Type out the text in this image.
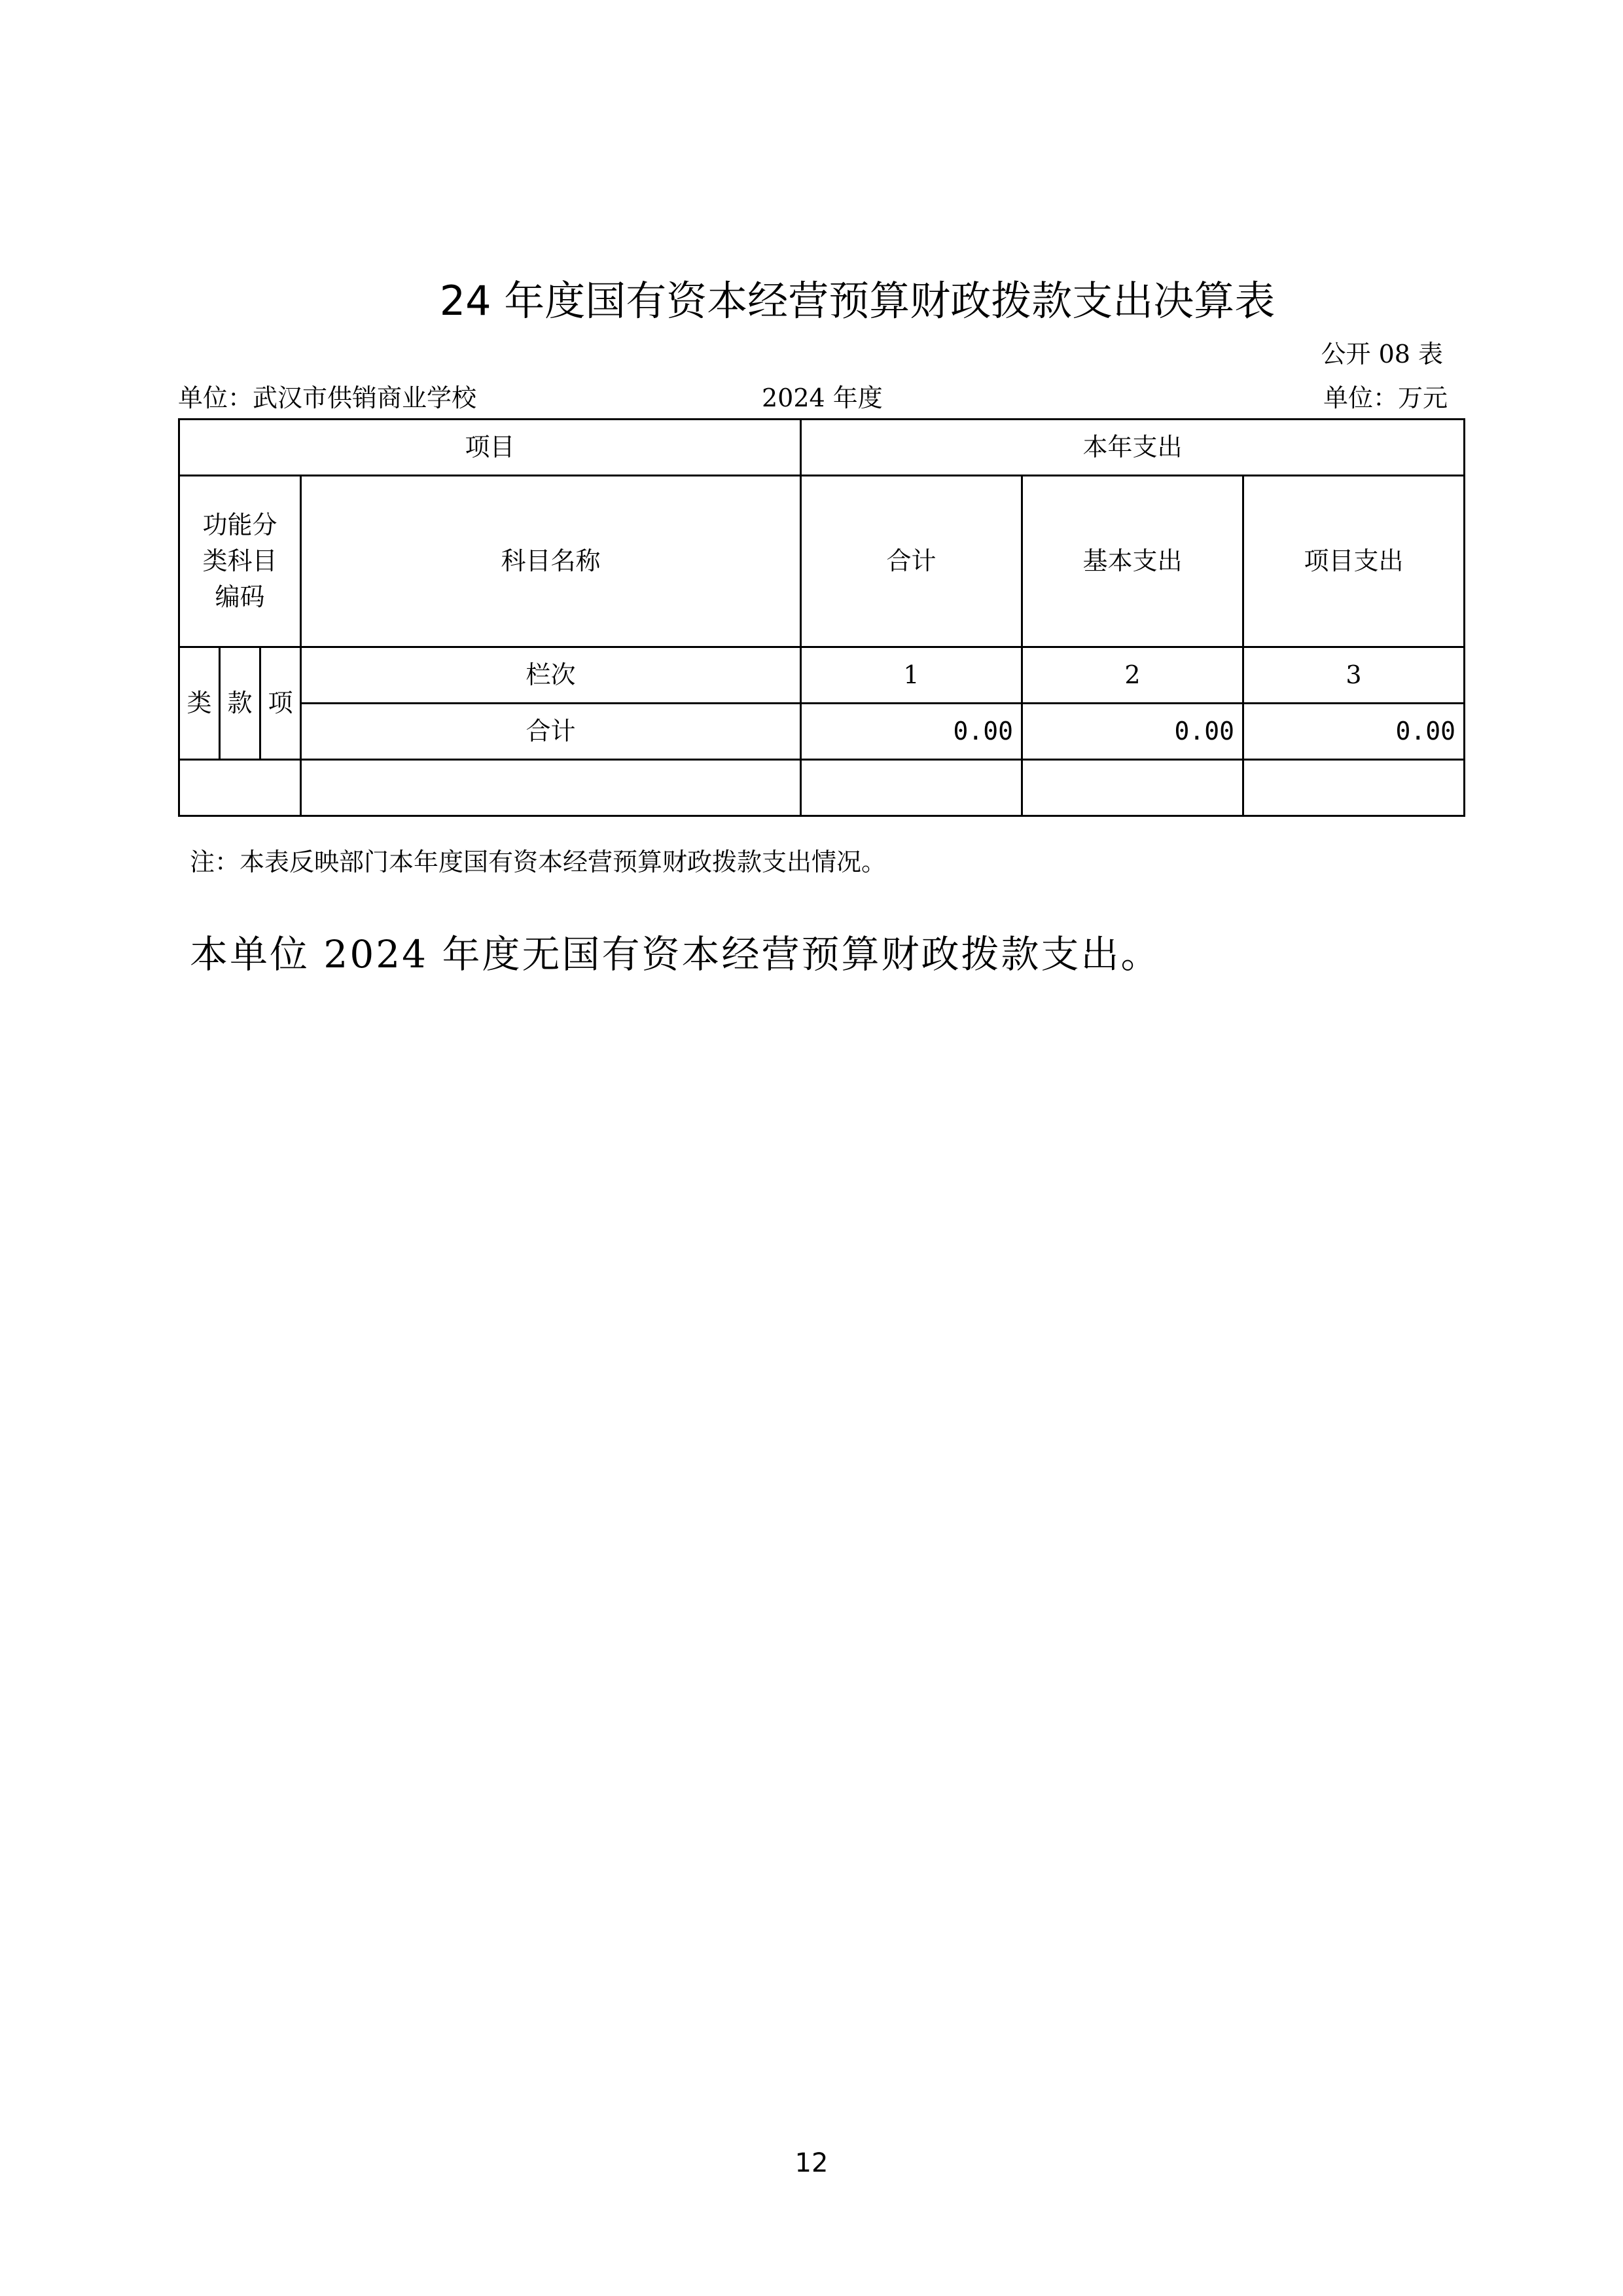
24 年度国有资本经营预算财政拨款支出决算表
公开 08 表
单位：武汉市供销商业学校	2024 年度	单位：万元
项目				本年支出		

功能分
类科目
编码			科目名称	合计	基本支出	项目支出
类	款	项	栏次	1	2	3
			合计	0.00	0.00	0.00

注：本表反映部门本年度国有资本经营预算财政拨款支出情况。
本单位 2024 年度无国有资本经营预算财政拨款支出。
12
